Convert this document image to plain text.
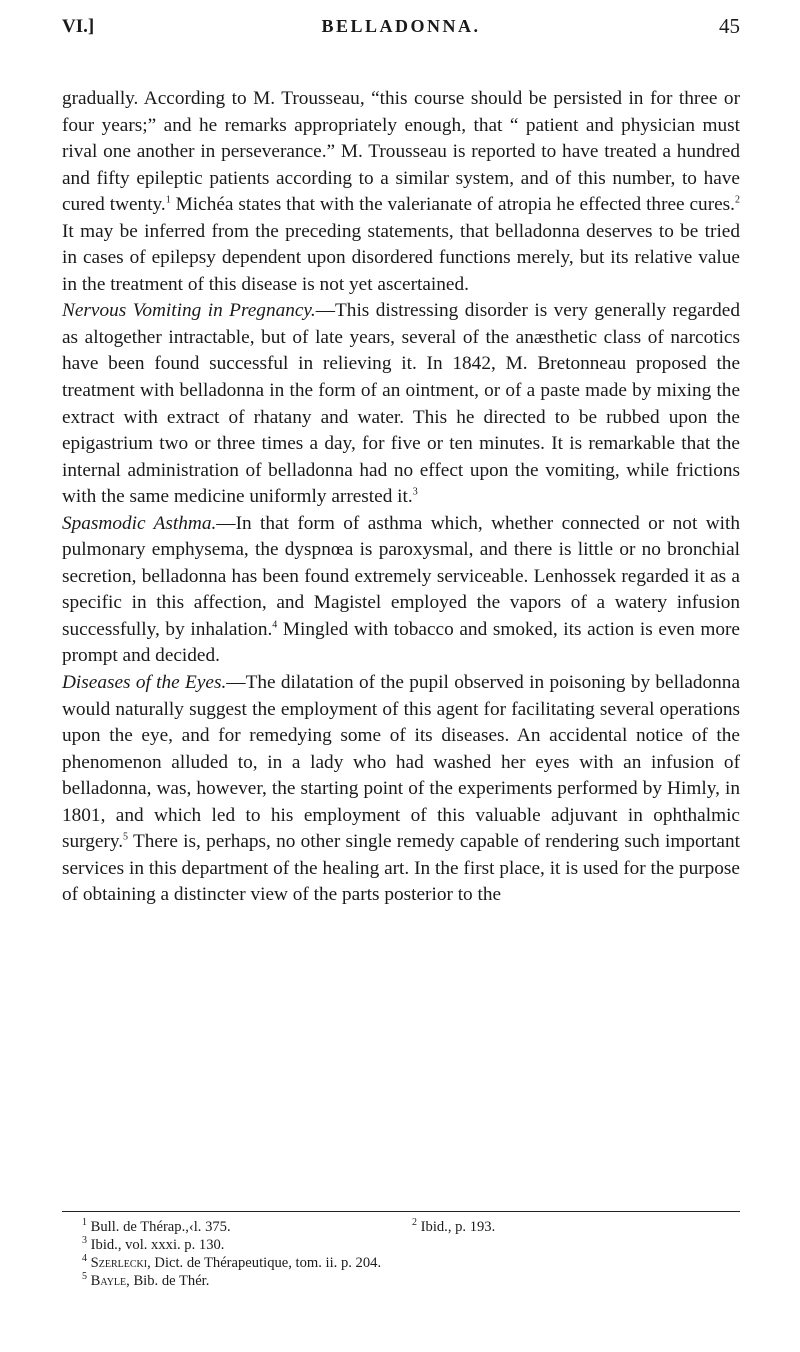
VI.]	BELLADONNA.	45

gradually. According to M. Trousseau, “this course should be persisted in for three or four years;” and he remarks appropriately enough, that “ patient and physician must rival one another in perseverance.” M. Trousseau is reported to have treated a hundred and fifty epileptic patients according to a similar system, and of this number, to have cured twenty.$^1$ Michéa states that with the valerianate of atropia he effected three cures.$^2$ It may be inferred from the preceding statements, that belladonna deserves to be tried in cases of epilepsy dependent upon disordered functions merely, but its relative value in the treatment of this disease is not yet ascertained.

Nervous Vomiting in Pregnancy.—This distressing disorder is very generally regarded as altogether intractable, but of late years, several of the anæsthetic class of narcotics have been found successful in relieving it. In 1842, M. Bretonneau proposed the treatment with belladonna in the form of an ointment, or of a paste made by mixing the extract with extract of rhatany and water. This he directed to be rubbed upon the epigastrium two or three times a day, for five or ten minutes. It is remarkable that the internal administration of belladonna had no effect upon the vomiting, while frictions with the same medicine uniformly arrested it.$^3$

Spasmodic Asthma.—In that form of asthma which, whether connected or not with pulmonary emphysema, the dyspnœa is paroxysmal, and there is little or no bronchial secretion, belladonna has been found extremely serviceable. Lenhossek regarded it as a specific in this affection, and Magistel employed the vapors of a watery infusion successfully, by inhalation.$^4$ Mingled with tobacco and smoked, its action is even more prompt and decided.

Diseases of the Eyes.—The dilatation of the pupil observed in poisoning by belladonna would naturally suggest the employment of this agent for facilitating several operations upon the eye, and for remedying some of its diseases. An accidental notice of the phenomenon alluded to, in a lady who had washed her eyes with an infusion of belladonna, was, however, the starting point of the experiments performed by Himly, in 1801, and which led to his employment of this valuable adjuvant in ophthalmic surgery.$^5$ There is, perhaps, no other single remedy capable of rendering such important services in this department of the healing art. In the first place, it is used for the purpose of obtaining a distincter view of the parts posterior to the

$^1$ Bull. de Thérap.,‹l. 375.	$^2$ Ibid., p. 193.
$^3$ Ibid., vol. xxxi. p. 130.
$^4$ Szerlecki, Dict. de Thérapeutique, tom. ii. p. 204.
$^5$ Bayle, Bib. de Thér.
